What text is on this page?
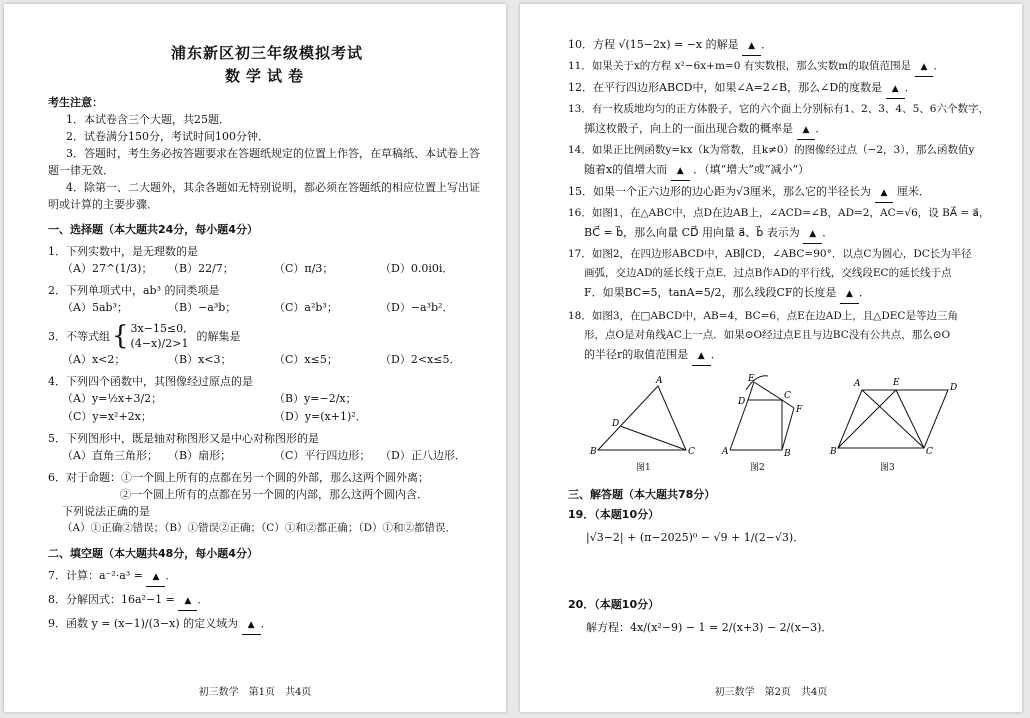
浦东新区初三年级模拟考试
数学试卷
考生注意：
1．本试卷含三个大题，共25题．
2．试卷满分150分，考试时间100分钟．
3．答题时，考生务必按答题要求在答题纸规定的位置上作答，在草稿纸、本试卷上答
题一律无效．
4．除第一、二大题外，其余各题如无特别说明，都必须在答题纸的相应位置上写出证
明或计算的主要步骤．
一、选择题（本大题共24分，每小题4分）
1．下列实数中，是无理数的是
（A）27^(1/3)；	（B）22/7；	（C）π/3；	（D）0.0i0i．
2．下列单项式中，ab³ 的同类项是
（A）5ab³；	（B）−a³b；	（C）a²b³；	（D）−a³b²．
3．不等式组 { 3x−15≤0,
(4−x)/2>1
的解集是
（A）x<2；	（B）x<3；	（C）x≤5；	（D）2<x≤5．
4．下列四个函数中，其图像经过原点的是
（A）y=½x+3/2；	（B）y=−2/x；
（C）y=x²+2x；	（D）y=(x+1)²．
5．下列图形中，既是轴对称图形又是中心对称图形的是
（A）直角三角形； （B）扇形；	（C）平行四边形； （D）正八边形．
6．对于命题：①一个圆上所有的点都在另一个圆的外部，那么这两个圆外离；
②一个圆上所有的点都在另一个圆的内部，那么这两个圆内含．
下列说法正确的是
（A）①正确②错误；（B）①错误②正确；（C）①和②都正确；（D）①和②都错误．
二、填空题（本大题共48分，每小题4分）
7．计算：a⁻²·a³ = ▲ ．
8．分解因式：16a²−1 = ▲ ．
9．函数 y = (x−1)/(3−x) 的定义域为 ▲ ．
初三数学　第1页　共4页
10．方程 √(15−2x) = −x 的解是 ▲ ．
11．如果关于x的方程 x²−6x+m=0 有实数根，那么实数m的取值范围是 ▲ ．
12．在平行四边形ABCD中，如果∠A=2∠B，那么∠D的度数是 ▲ ．
13．有一枚质地均匀的正方体骰子，它的六个面上分别标有1、2、3、4、5、6六个数字，
掷这枚骰子，向上的一面出现合数的概率是 ▲ ．
14．如果正比例函数y=kx（k为常数，且k≠0）的图像经过点（−2，3），那么函数值y
随着x的值增大而 ▲ ．（填“增大”或“减小”）
15．如果一个正六边形的边心距为√3厘米，那么它的半径长为 ▲ 厘米．
16．如图1，在△ABC中，点D在边AB上，∠ACD=∠B，AD=2，AC=√6，设 BA⃗ = a⃗，
BC⃗ = b⃗，那么向量 CD⃗ 用向量 a⃗、b⃗ 表示为 ▲ ．
17．如图2，在四边形ABCD中，AB∥CD，∠ABC=90°．以点C为圆心，DC长为半径
画弧，交边AD的延长线于点E．过点B作AD的平行线，交线段EC的延长线于点
F．如果BC=5，tanA=5/2，那么线段CF的长度是 ▲ ．
18．如图3，在□ABCD中，AB=4，BC=6，点E在边AD上，且△DEC是等边三角
形，点O是对角线AC上一点．如果⊙O经过点E且与边BC没有公共点，那么⊙O
的半径r的取值范围是 ▲ ．
A
B	C
D
E
D
C
F
A	B
A	E	D
B	C
图1	图2	图3
三、解答题（本大题共78分）
19．（本题10分）
|√3−2| + (π−2025)⁰ − √9 + 1/(2−√3)．
20．（本题10分）
解方程：4x/(x²−9) − 1 = 2/(x+3) − 2/(x−3)．
初三数学　第2页　共4页
